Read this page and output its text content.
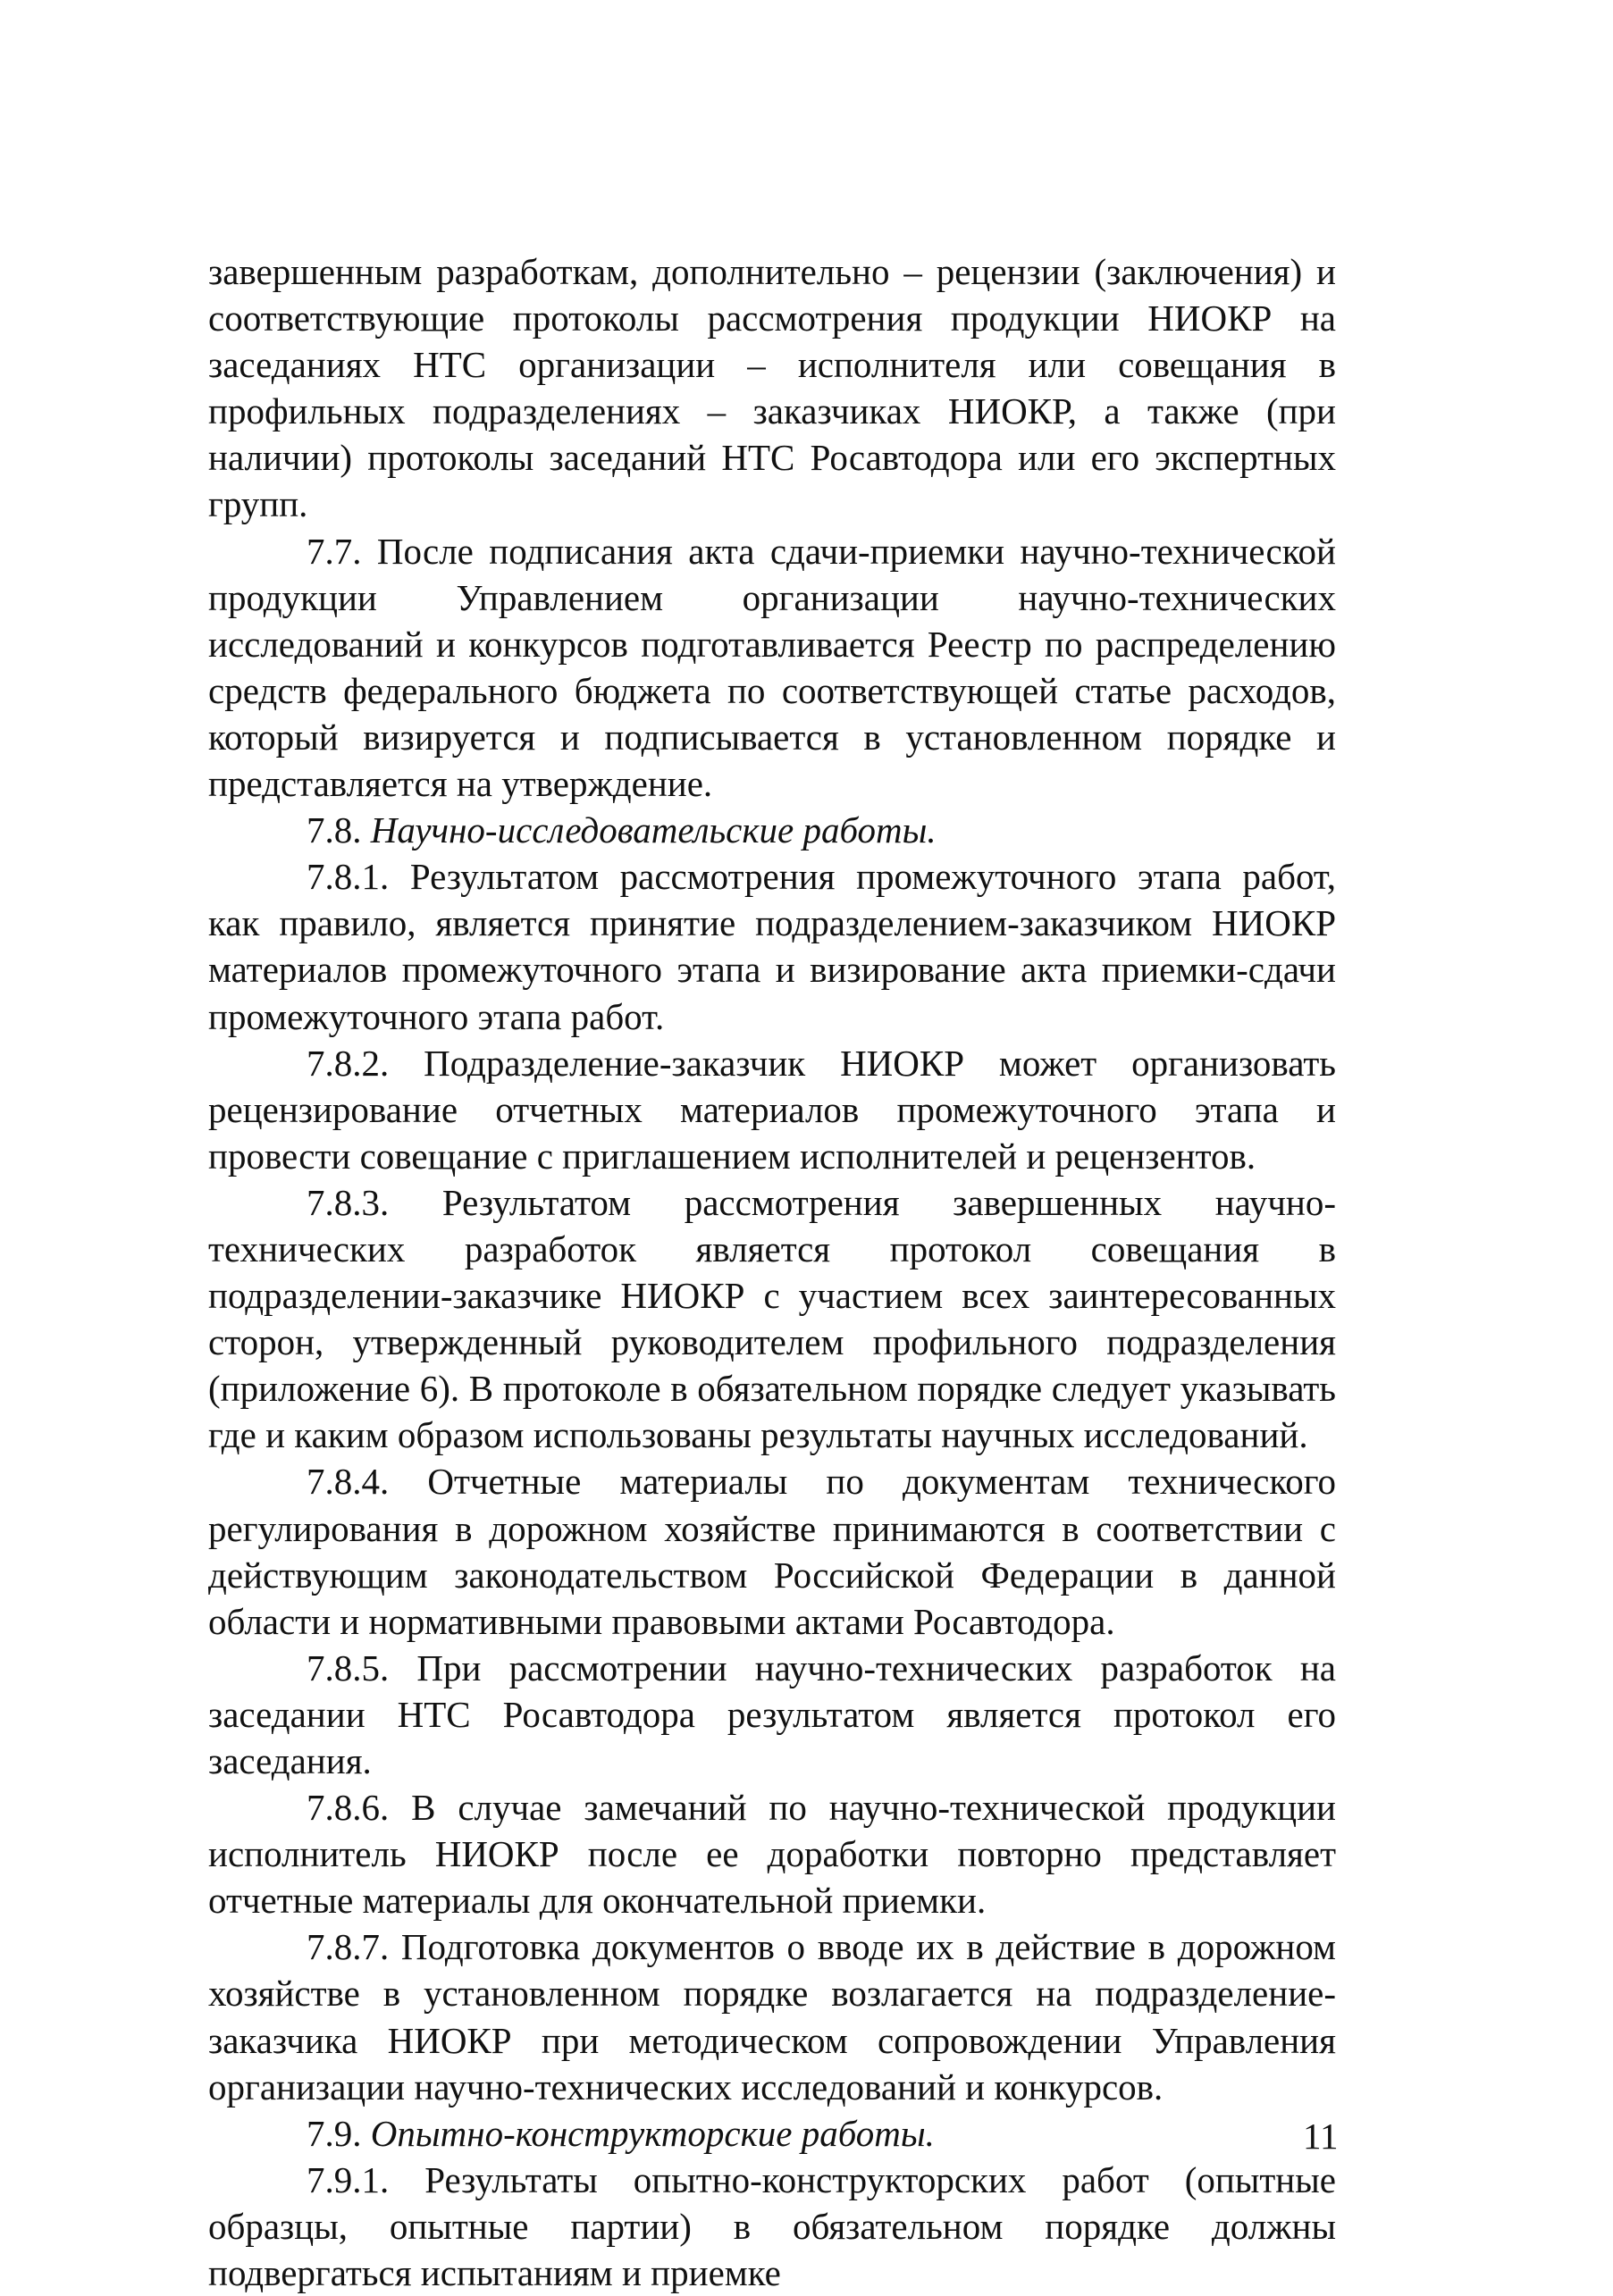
завершенным разработкам, дополнительно – рецензии (заключения) и соответствующие протоколы рассмотрения продукции НИОКР на заседаниях НТС организации – исполнителя или совещания в профильных подразделениях – заказчиках НИОКР, а также (при наличии) протоколы заседаний НТС Росавтодора или его экспертных групп.

7.7. После подписания акта сдачи-приемки научно-технической продукции Управлением организации научно-технических исследований и конкурсов подготавливается Реестр по распределению средств федерального бюджета по соответствующей статье расходов, который визируется и подписывается в установленном порядке и представляется на утверждение.

7.8. Научно-исследовательские работы.

7.8.1. Результатом рассмотрения промежуточного этапа работ, как правило, является принятие подразделением-заказчиком НИОКР материалов промежуточного этапа и визирование акта приемки-сдачи промежуточного этапа работ.

7.8.2. Подразделение-заказчик НИОКР может организовать рецензирование отчетных материалов промежуточного этапа и провести совещание с приглашением исполнителей и рецензентов.

7.8.3. Результатом рассмотрения завершенных научно- технических разработок является протокол совещания в подразделении-заказчике НИОКР с участием всех заинтересованных сторон, утвержденный руководителем профильного подразделения (приложение 6). В протоколе в обязательном порядке следует указывать где и каким образом использованы результаты научных исследований.

7.8.4. Отчетные материалы по документам технического регулирования в дорожном хозяйстве принимаются в соответствии с действующим законодательством Российской Федерации в данной области и нормативными правовыми актами Росавтодора.

7.8.5. При рассмотрении научно-технических разработок на заседании НТС Росавтодора результатом является протокол его заседания.

7.8.6. В случае замечаний по научно-технической продукции исполнитель НИОКР после ее доработки повторно представляет отчетные материалы для окончательной приемки.

7.8.7. Подготовка документов о вводе их в действие в дорожном хозяйстве в установленном порядке возлагается на подразделение-заказчика НИОКР при методическом сопровождении Управления организации научно-технических исследований и конкурсов.

7.9. Опытно-конструкторские работы.

7.9.1. Результаты опытно-конструкторских работ (опытные образцы, опытные партии) в обязательном порядке должны подвергаться испытаниям и приемке

11
